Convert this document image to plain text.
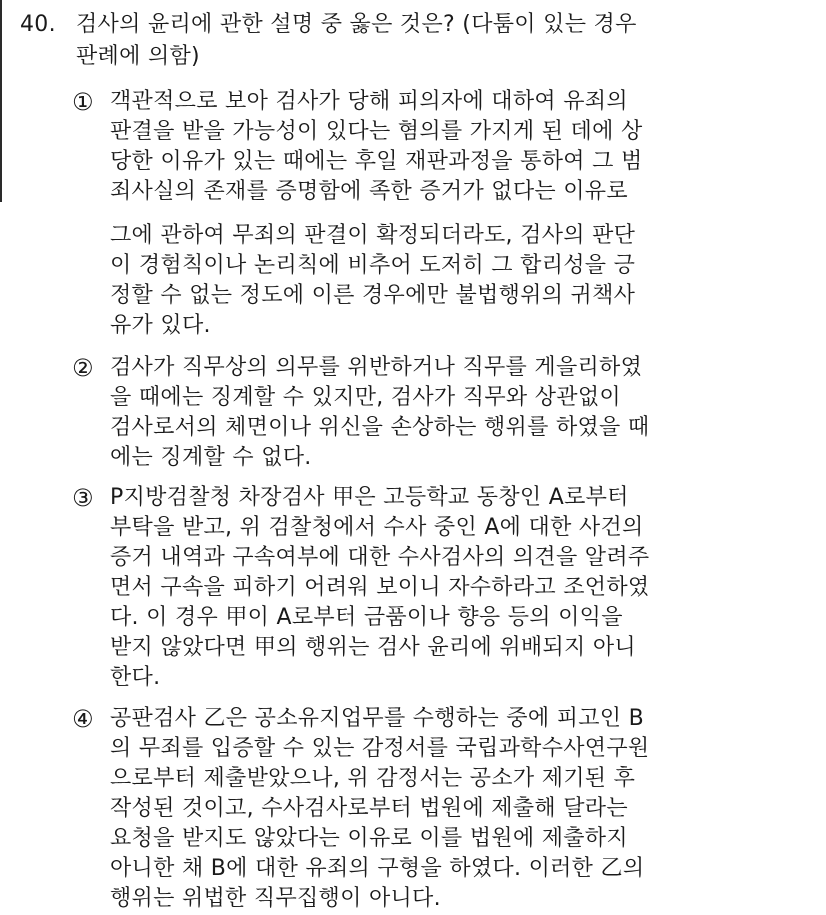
40. 검사의 윤리에 관한 설명 중 옳은 것은? (다툼이 있는 경우
판례에 의함)
① 객관적으로 보아 검사가 당해 피의자에 대하여 유죄의
판결을 받을 가능성이 있다는 혐의를 가지게 된 데에 상
당한 이유가 있는 때에는 후일 재판과정을 통하여 그 범
죄사실의 존재를 증명함에 족한 증거가 없다는 이유로
그에 관하여 무죄의 판결이 확정되더라도, 검사의 판단
이 경험칙이나 논리칙에 비추어 도저히 그 합리성을 긍
정할 수 없는 정도에 이른 경우에만 불법행위의 귀책사
유가 있다.
② 검사가 직무상의 의무를 위반하거나 직무를 게을리하였
을 때에는 징계할 수 있지만, 검사가 직무와 상관없이
검사로서의 체면이나 위신을 손상하는 행위를 하였을 때
에는 징계할 수 없다.
③ P지방검찰청 차장검사 甲은 고등학교 동창인 A로부터
부탁을 받고, 위 검찰청에서 수사 중인 A에 대한 사건의
증거 내역과 구속여부에 대한 수사검사의 의견을 알려주
면서 구속을 피하기 어려워 보이니 자수하라고 조언하였
다. 이 경우 甲이 A로부터 금품이나 향응 등의 이익을
받지 않았다면 甲의 행위는 검사 윤리에 위배되지 아니
한다.
④ 공판검사 乙은 공소유지업무를 수행하는 중에 피고인 B
의 무죄를 입증할 수 있는 감정서를 국립과학수사연구원
으로부터 제출받았으나, 위 감정서는 공소가 제기된 후
작성된 것이고, 수사검사로부터 법원에 제출해 달라는
요청을 받지도 않았다는 이유로 이를 법원에 제출하지
아니한 채 B에 대한 유죄의 구형을 하였다. 이러한 乙의
행위는 위법한 직무집행이 아니다.
